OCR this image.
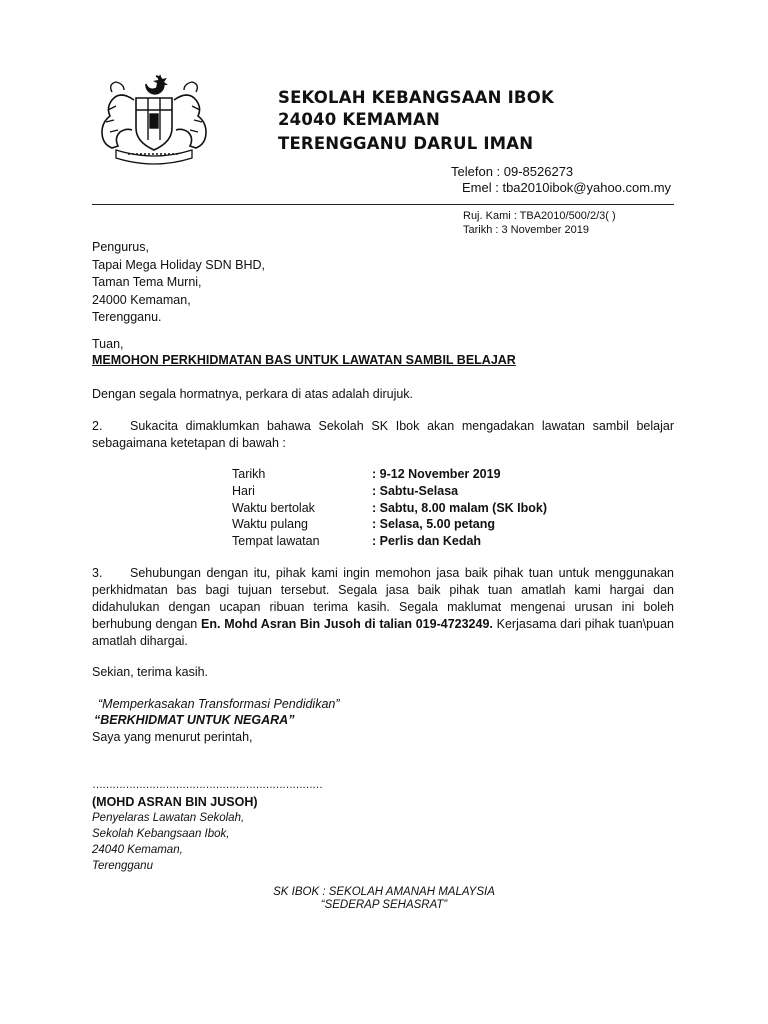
SEKOLAH KEBANGSAAN IBOK
24040 KEMAMAN
TERENGGANU DARUL IMAN
Telefon : 09-8526273
Emel : tba2010ibok@yahoo.com.my
Ruj. Kami : TBA2010/500/2/3( )
Tarikh : 3 November 2019
Pengurus,
Tapai Mega Holiday SDN BHD,
Taman Tema Murni,
24000 Kemaman,
Terengganu.
Tuan,
MEMOHON PERKHIDMATAN BAS UNTUK LAWATAN SAMBIL BELAJAR
Dengan segala hormatnya, perkara di atas adalah dirujuk.
2. Sukacita dimaklumkan bahawa Sekolah SK Ibok akan mengadakan lawatan sambil belajar sebagaimana ketetapan di bawah :
Tarikh	: 9-12 November 2019
Hari	: Sabtu-Selasa
Waktu bertolak	: Sabtu, 8.00 malam (SK Ibok)
Waktu pulang	: Selasa, 5.00 petang
Tempat lawatan	: Perlis dan Kedah
3. Sehubungan dengan itu, pihak kami ingin memohon jasa baik pihak tuan untuk menggunakan perkhidmatan bas bagi tujuan tersebut. Segala jasa baik pihak tuan amatlah kami hargai dan didahulukan dengan ucapan ribuan terima kasih. Segala maklumat mengenai urusan ini boleh berhubung dengan En. Mohd Asran Bin Jusoh di talian 019-4723249. Kerjasama dari pihak tuan\puan amatlah dihargai.
Sekian, terima kasih.
“Memperkasakan Transformasi Pendidikan”
“BERKHIDMAT UNTUK NEGARA”
Saya yang menurut perintah,
……………………………………………………………
(MOHD ASRAN BIN JUSOH)
Penyelaras Lawatan Sekolah,
Sekolah Kebangsaan Ibok,
24040 Kemaman,
Terengganu
SK IBOK : SEKOLAH AMANAH MALAYSIA
“SEDERAP SEHASRAT”
